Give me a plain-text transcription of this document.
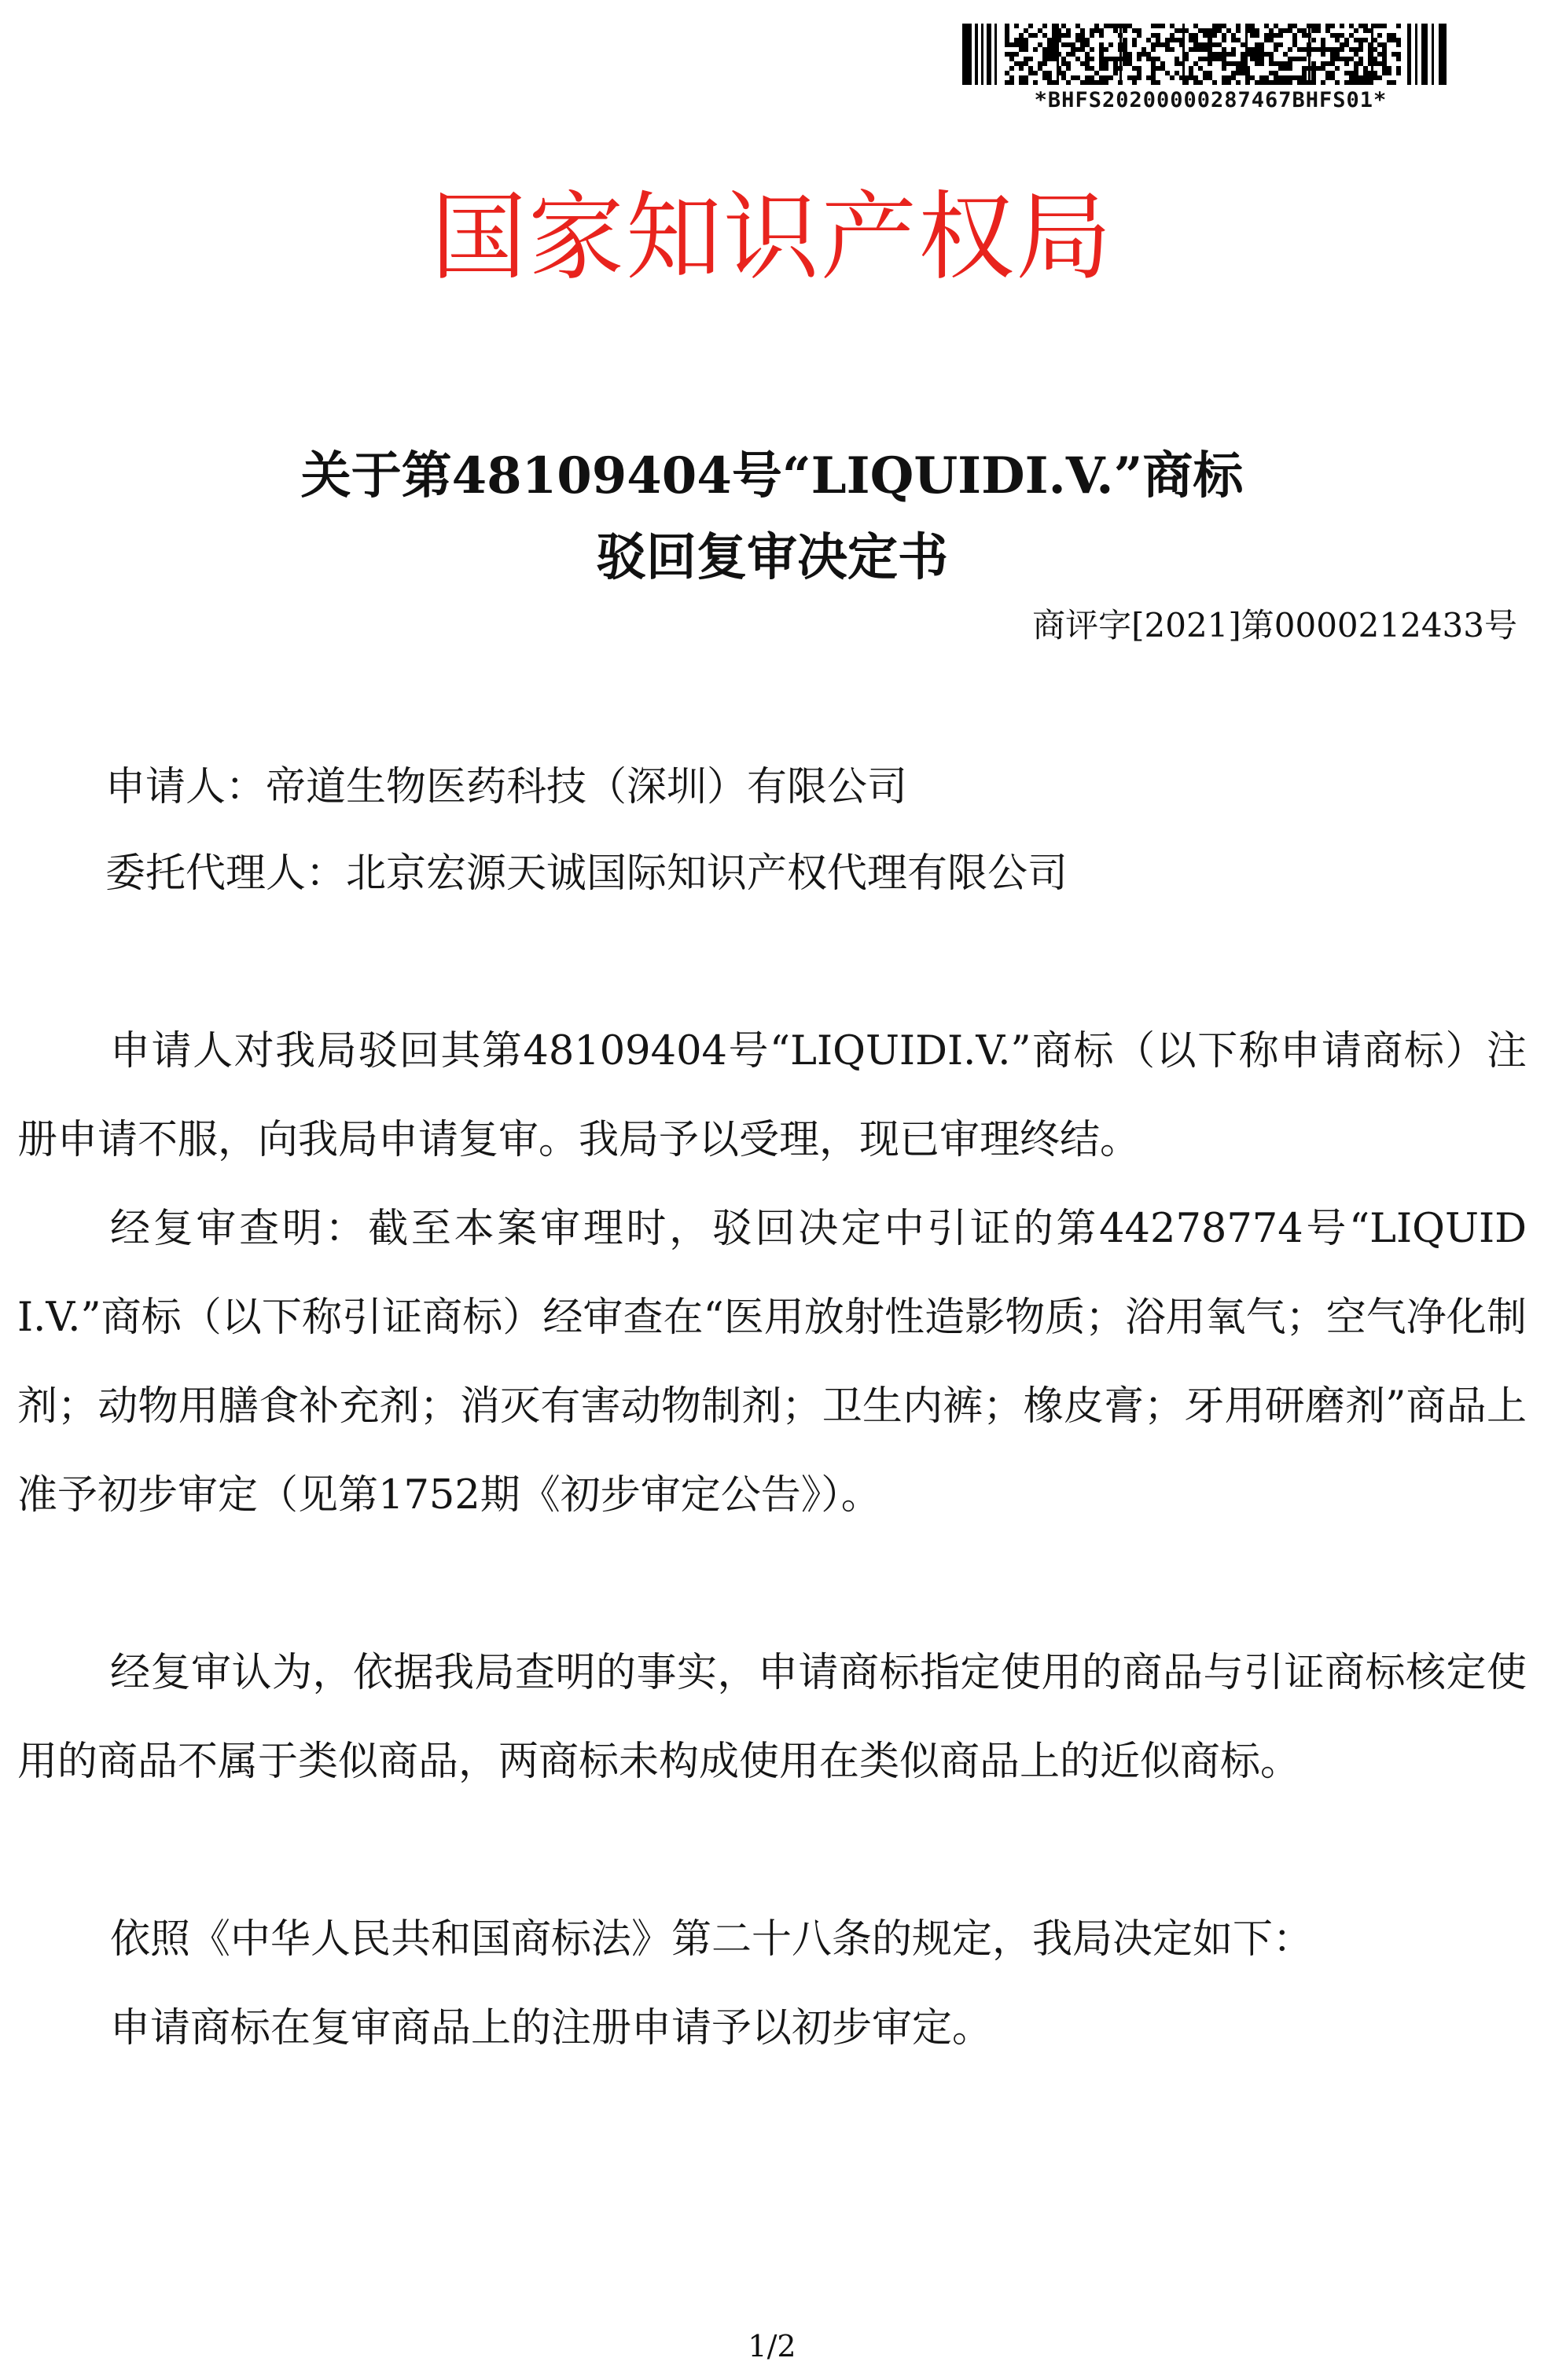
*BHFS20200000287467BHFS01*
国家知识产权局
关于第48109404号“LIQUIDI.V.”商标
驳回复审决定书
商评字[2021]第0000212433号
申请人：帝道生物医药科技（深圳）有限公司
委托代理人：北京宏源天诚国际知识产权代理有限公司

申请人对我局驳回其第48109404号“LIQUIDI.V.”商标（以下称申请商标）注册申请不服，向我局申请复审。我局予以受理，现已审理终结。

经复审查明：截至本案审理时，驳回决定中引证的第44278774号“LIQUID I.V.”商标（以下称引证商标）经审查在“医用放射性造影物质；浴用氧气；空气净化制剂；动物用膳食补充剂；消灭有害动物制剂；卫生内裤；橡皮膏；牙用研磨剂”商品上准予初步审定（见第1752期《初步审定公告》）。

经复审认为，依据我局查明的事实，申请商标指定使用的商品与引证商标核定使用的商品不属于类似商品，两商标未构成使用在类似商品上的近似商标。

依照《中华人民共和国商标法》第二十八条的规定，我局决定如下：

申请商标在复审商品上的注册申请予以初步审定。

1/2
